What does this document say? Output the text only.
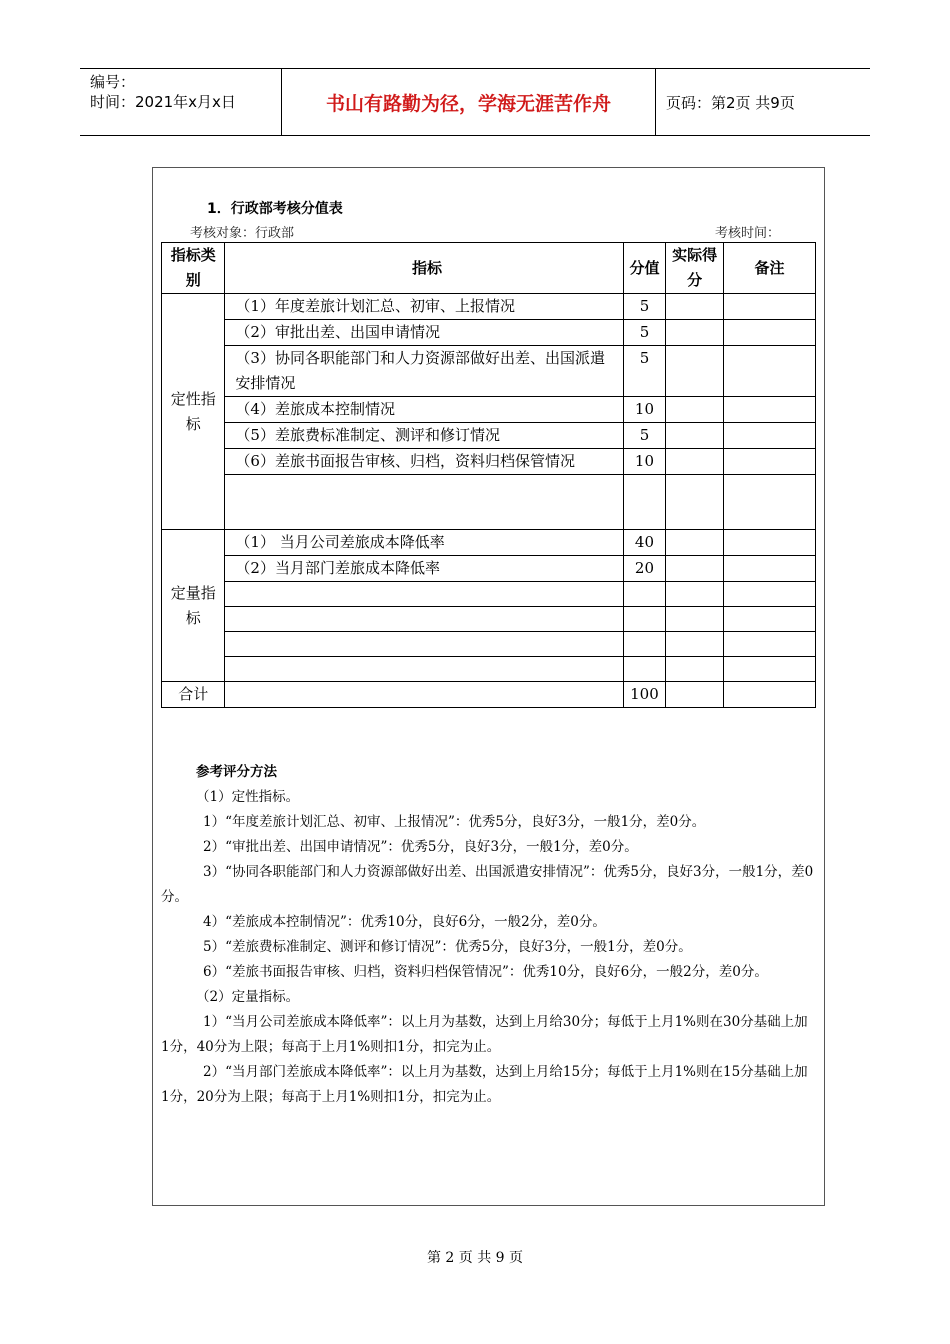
编号：
时间：2021年x月x日	书山有路勤为径，学海无涯苦作舟	页码：第2页 共9页
1．行政部考核分值表
考核对象：行政部	考核时间：
指标类别	指标	分值	实际得分	备注
定性指标	（1）年度差旅计划汇总、初审、上报情况	5		
	（2）审批出差、出国申请情况	5		
	（3）协同各职能部门和人力资源部做好出差、出国派遣安排情况	5		
	（4）差旅成本控制情况	10		
	（5）差旅费标准制定、测评和修订情况	5		
	（6）差旅书面报告审核、归档，资料归档保管情况	10		

定量指标	（1） 当月公司差旅成本降低率	40		
	（2）当月部门差旅成本降低率	20		

合计		100		

参考评分方法

（1）定性指标。

1）“年度差旅计划汇总、初审、上报情况”：优秀5分，良好3分，一般1分，差0分。

2）“审批出差、出国申请情况”：优秀5分，良好3分，一般1分，差0分。

3）“协同各职能部门和人力资源部做好出差、出国派遣安排情况”：优秀5分，良好3分，一般1分，差0分。

4）“差旅成本控制情况”：优秀10分，良好6分，一般2分，差0分。

5）“差旅费标准制定、测评和修订情况”：优秀5分，良好3分，一般1分，差0分。

6）“差旅书面报告审核、归档，资料归档保管情况”：优秀10分，良好6分，一般2分，差0分。

（2）定量指标。

1）“当月公司差旅成本降低率”：以上月为基数，达到上月给30分；每低于上月1%则在30分基础上加1分，40分为上限；每高于上月1%则扣1分，扣完为止。

2）“当月部门差旅成本降低率”：以上月为基数，达到上月给15分；每低于上月1%则在15分基础上加1分，20分为上限；每高于上月1%则扣1分，扣完为止。

第 2 页 共 9 页
